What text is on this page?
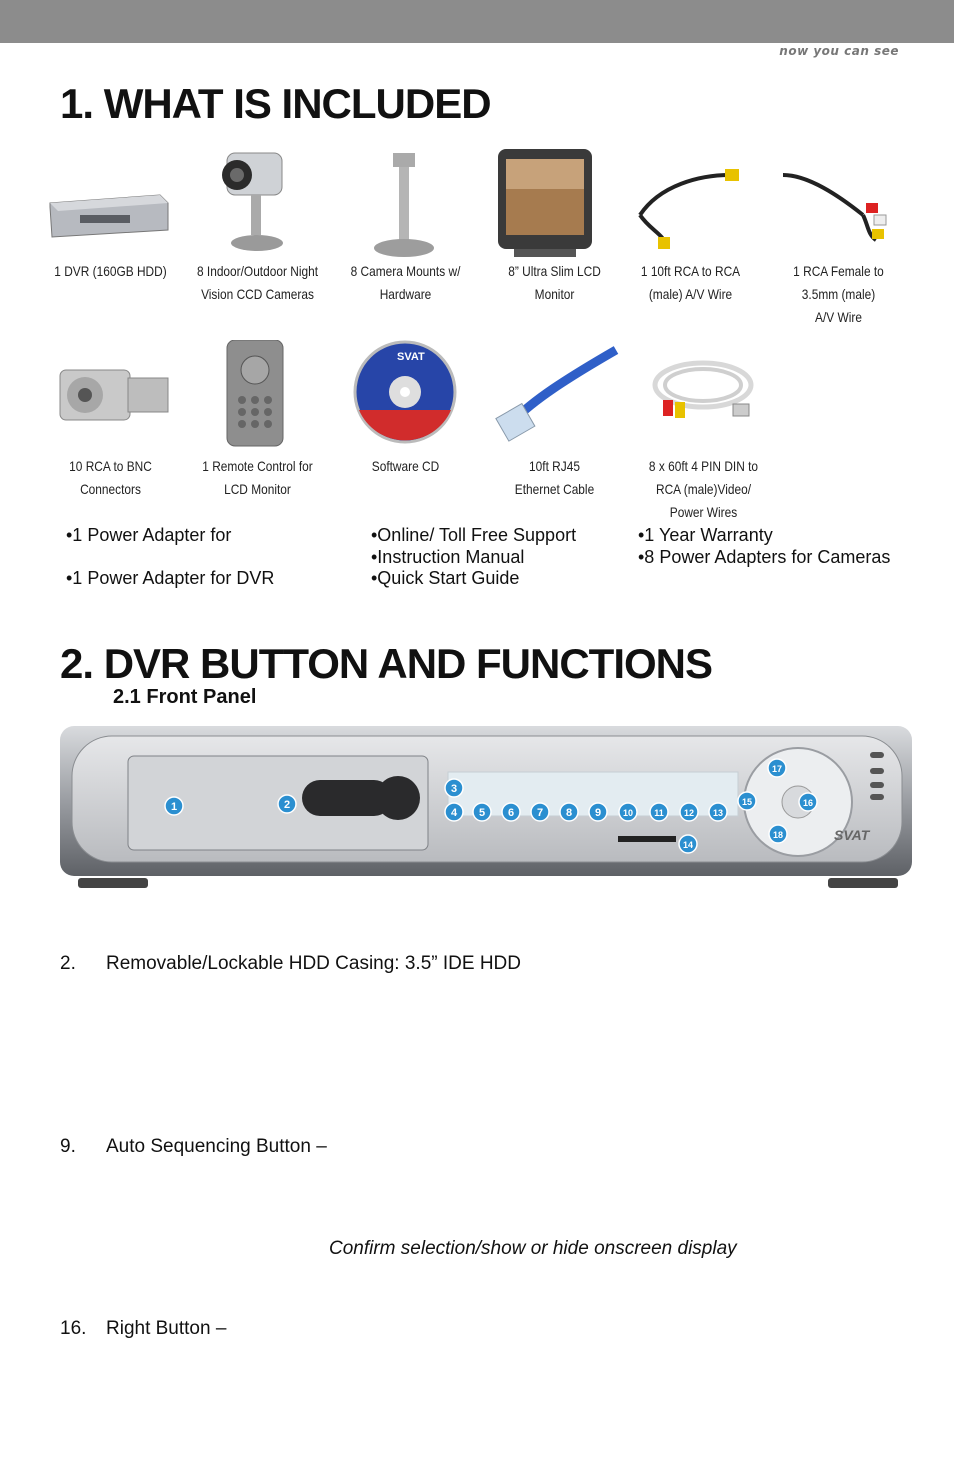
now you can see
1. WHAT IS INCLUDED
1 DVR (160GB HDD)	8 Indoor/Outdoor Night
Vision CCD Cameras
8 Camera Mounts w/
Hardware
8” Ultra Slim LCD
Monitor
1 10ft RCA to RCA
(male) A/V Wire
1 RCA Female to
3.5mm (male)
A/V Wire
10 RCA to BNC
Connectors
1 Remote Control for
LCD Monitor
SVAT
Software CD	10ft RJ45
Ethernet Cable
8 x 60ft 4 PIN DIN to
RCA (male)Video/
Power Wires
•1 Power Adapter for
•1 Power Adapter for DVR
•Online/ Toll Free Support
•Instruction Manual
•Quick Start Guide
•1 Year Warranty
•8 Power Adapters for Cameras
2. DVR BUTTON AND FUNCTIONS
2.1 Front Panel
SVAT
1	2
3
4 5 6 7 8 9 10 11 12 13
14
15	16
17
18
2. Removable/Lockable HDD Casing: 3.5” IDE HDD
9. Auto Sequencing Button –
Confirm selection/show or hide onscreen display
16. Right Button –
